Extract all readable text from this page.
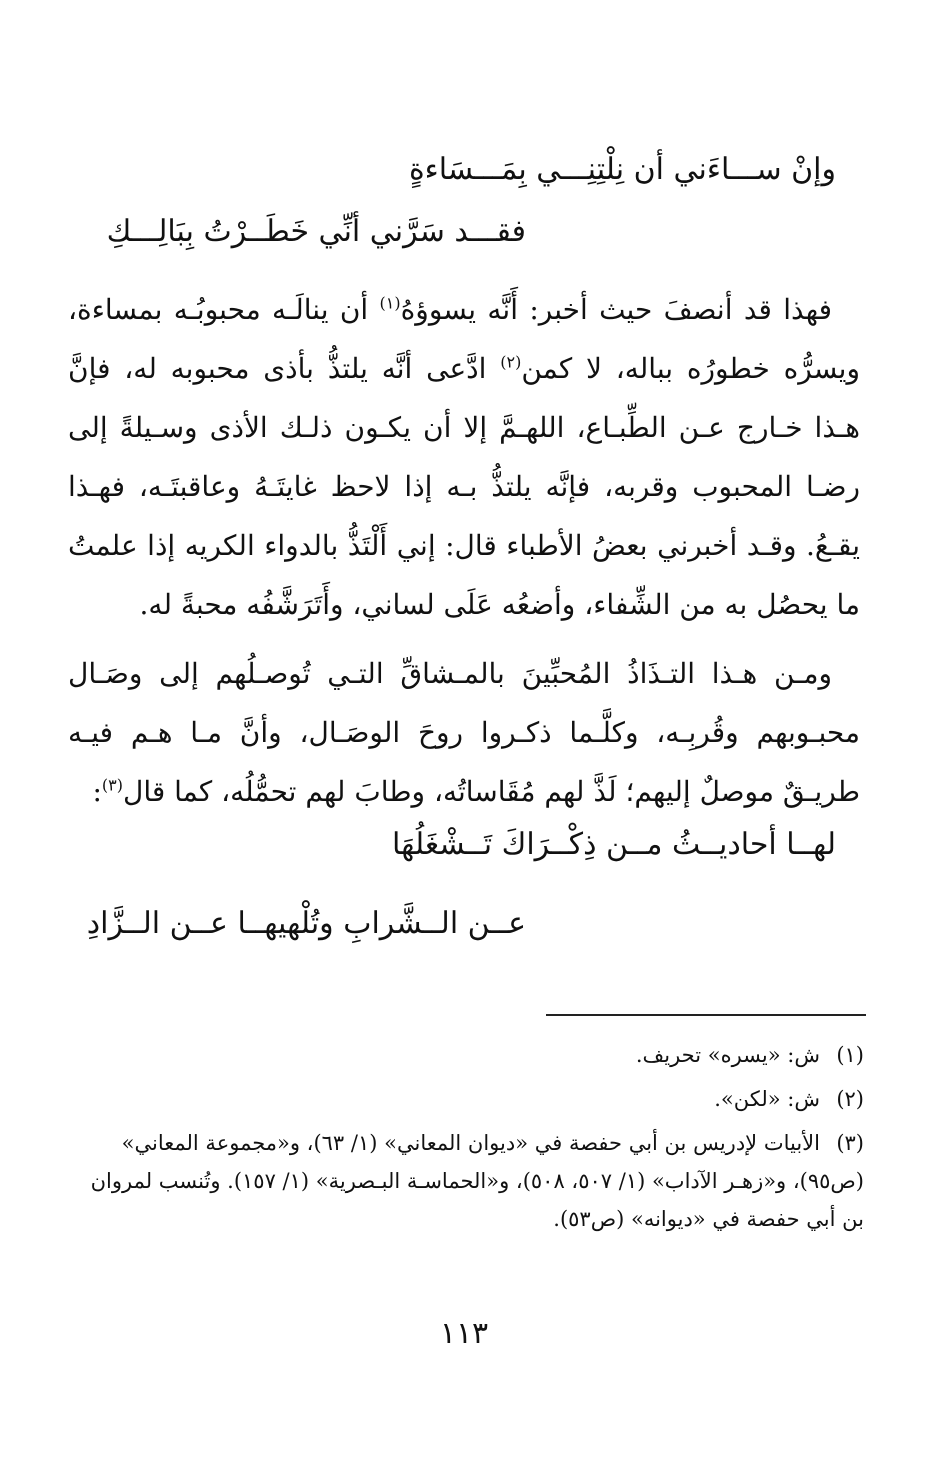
وإنْ ســـاءَني أن نِلْتِنِـــي بِمَـــسَاءةٍ
فقـــد سَرَّني أنِّي خَطَــرْتُ بِبَالِـــكِ
فهذا قد أنصفَ حيث أخبر: أَنَّه يسوؤهُ$^{(١)}$ أن ينالَـه محبوبُـه بمساءة، ويسرُّه خطورُه بباله، لا كمن$^{(٢)}$ ادَّعى أنَّه يلتذُّ بأذى محبوبه له، فإنَّ هـذا خـارج عـن الطِّبـاع، اللهـمَّ إلا أن يكـون ذلـك الأذى وسـيلةً إلى رضـا المحبوب وقربه، فإنَّه يلتذُّ بـه إذا لاحظ غايتَـهُ وعاقبتَـه، فهـذا يقـعُ. وقـد أخبرني بعضُ الأطباء قال: إني أَلْتَذُّ بالدواء الكريه إذا علمتُ ما يحصُل به من الشِّفاء، وأضعُه عَلَى لساني، وأَتَرَشَّفُه محبةً له.
ومـن هـذا التـذَاذُ المُحبِّينَ بالمـشاقِّ التـي تُوصـلُهم إلى وصَـال محبـوبهم وقُربِـه، وكلَّـما ذكـروا روحَ الوصَـال، وأنَّ مـا هـم فيـه طريـقٌ موصلٌ إليهم؛ لَذَّ لهم مُقَاساتُه، وطابَ لهم تحمُّلُه، كما قال$^{(٣)}$:
لهــا أحاديــثُ مــن ذِكْــرَاكَ تَــشْغَلُهَا
عــن الــشَّرابِ وتُلْهيهــا عــن الــزَّادِ
(١)ش: «يسره» تحريف.
(٢)ش: «لكن».
(٣)الأبيات لإدريس بن أبي حفصة في «ديوان المعاني» (١/ ٦٣)، و«مجموعة المعاني» (ص٩٥)، و«زهـر الآداب» (١/ ٥٠٧، ٥٠٨)، و«الحماسـة البـصرية» (١/ ١٥٧). وتُنسب لمروان بن أبي حفصة في «ديوانه» (ص٥٣).
١١٣
